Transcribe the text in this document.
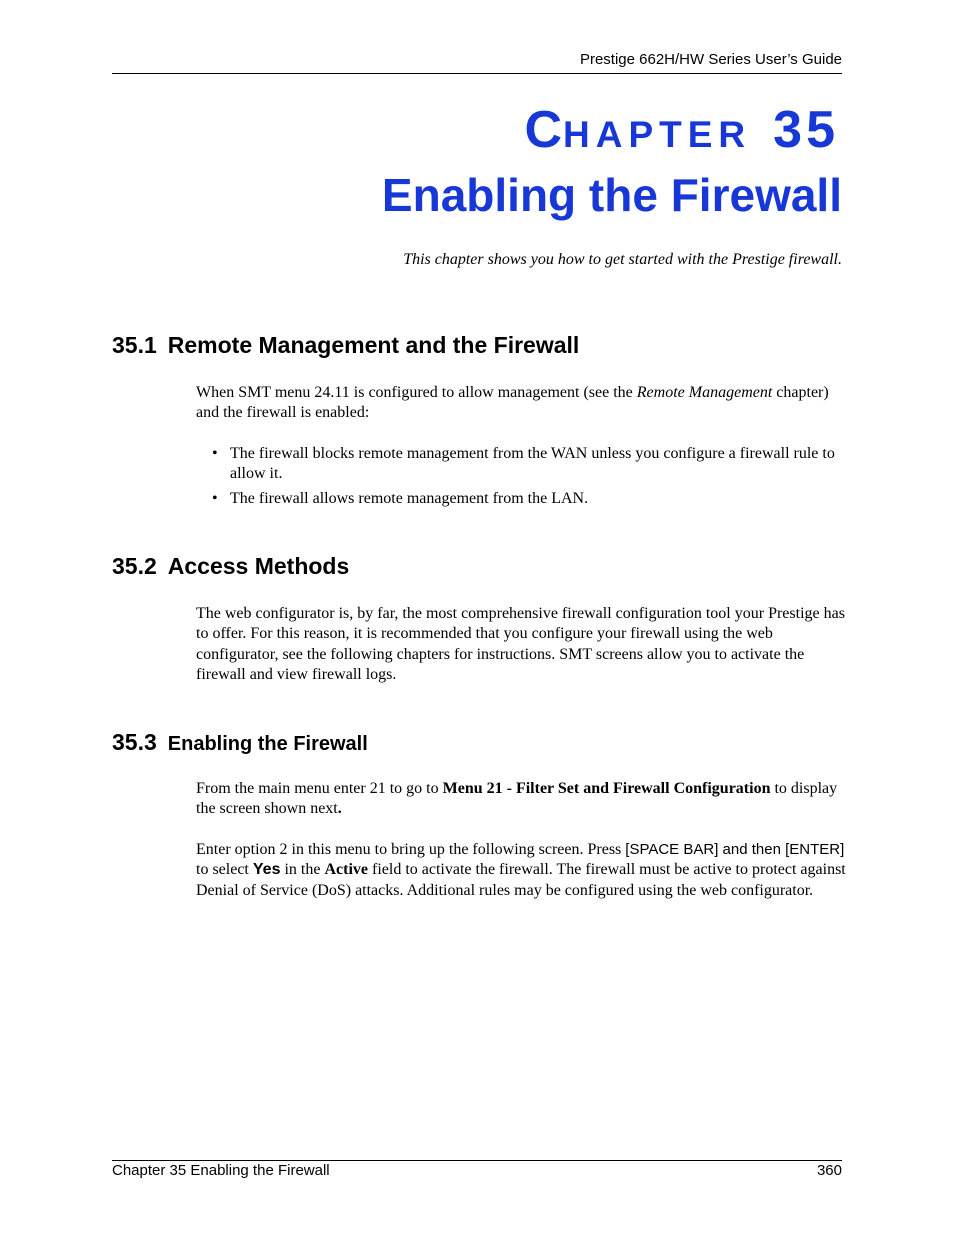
Prestige 662H/HW Series User’s Guide
CHAPTER 35
Enabling the Firewall
This chapter shows you how to get started with the Prestige firewall.
35.1 Remote Management and the Firewall

When SMT menu 24.11 is configured to allow management (see the Remote Management chapter) and the firewall is enabled:

• The firewall blocks remote management from the WAN unless you configure a firewall rule to allow it.
• The firewall allows remote management from the LAN.
35.2 Access Methods

The web configurator is, by far, the most comprehensive firewall configuration tool your Prestige has to offer. For this reason, it is recommended that you configure your firewall using the web configurator, see the following chapters for instructions. SMT screens allow you to activate the firewall and view firewall logs.

35.3 Enabling the Firewall

From the main menu enter 21 to go to Menu 21 - Filter Set and Firewall Configuration to display the screen shown next.

Enter option 2 in this menu to bring up the following screen. Press [SPACE BAR] and then [ENTER] to select Yes in the Active field to activate the firewall. The firewall must be active to protect against Denial of Service (DoS) attacks. Additional rules may be configured using the web configurator.

Chapter 35 Enabling the Firewall	360
